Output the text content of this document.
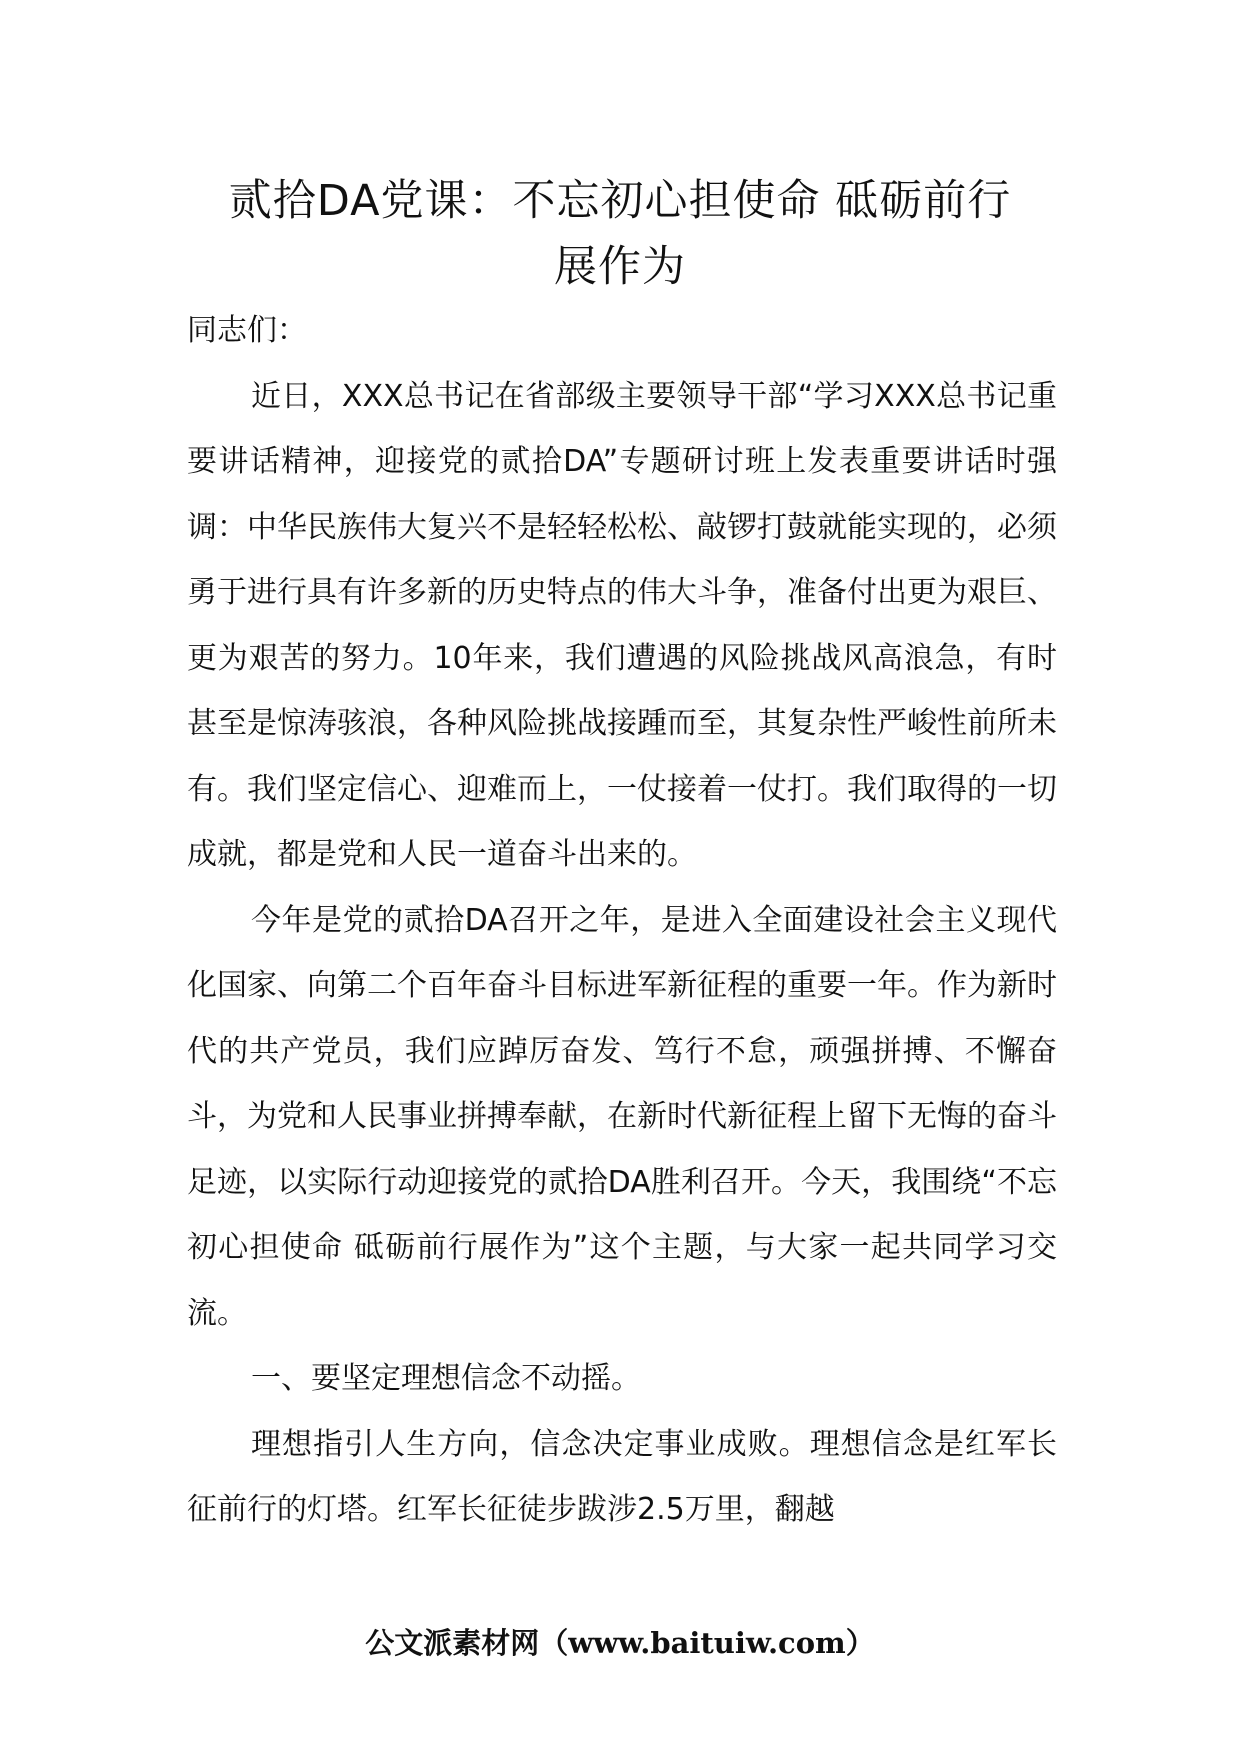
贰拾DA党课：不忘初心担使命 砥砺前行
展作为

同志们：

近日，XXX总书记在省部级主要领导干部“学习XXX总书记重要讲话精神，迎接党的贰拾DA”专题研讨班上发表重要讲话时强调：中华民族伟大复兴不是轻轻松松、敲锣打鼓就能实现的，必须勇于进行具有许多新的历史特点的伟大斗争，准备付出更为艰巨、更为艰苦的努力。10年来，我们遭遇的风险挑战风高浪急，有时甚至是惊涛骇浪，各种风险挑战接踵而至，其复杂性严峻性前所未有。我们坚定信心、迎难而上，一仗接着一仗打。我们取得的一切成就，都是党和人民一道奋斗出来的。

今年是党的贰拾DA召开之年，是进入全面建设社会主义现代化国家、向第二个百年奋斗目标进军新征程的重要一年。作为新时代的共产党员，我们应踔厉奋发、笃行不怠，顽强拼搏、不懈奋斗，为党和人民事业拼搏奉献，在新时代新征程上留下无悔的奋斗足迹，以实际行动迎接党的贰拾DA胜利召开。今天，我围绕“不忘初心担使命 砥砺前行展作为”这个主题，与大家一起共同学习交流。

一、要坚定理想信念不动摇。

理想指引人生方向，信念决定事业成败。理想信念是红军长征前行的灯塔。红军长征徒步跋涉2.5万里，翻越

公文派素材网（www.baituiw.com）
